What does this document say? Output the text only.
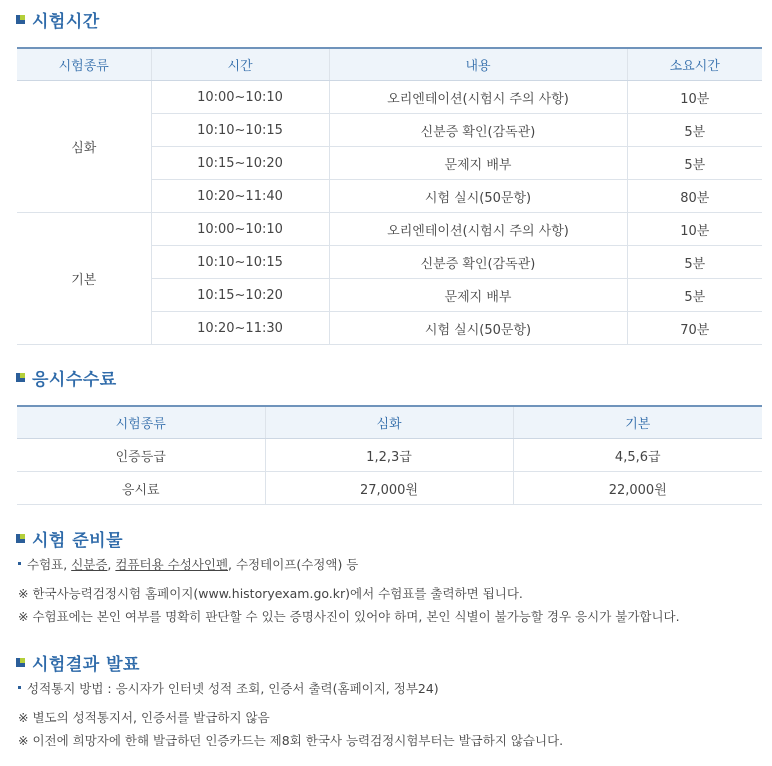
시험시간
시험종류	시간	내용	소요시간
심화	10:00~10:10	오리엔테이션(시험시 주의 사항)	10분
	10:10~10:15	신분증 확인(감독관)	5분
	10:15~10:20	문제지 배부	5분
	10:20~11:40	시험 실시(50문항)	80분
기본	10:00~10:10	오리엔테이션(시험시 주의 사항)	10분
	10:10~10:15	신분증 확인(감독관)	5분
	10:15~10:20	문제지 배부	5분
	10:20~11:30	시험 실시(50문항)	70분
응시수수료
시험종류	심화	기본
인증등급	1,2,3급	4,5,6급
응시료	27,000원	22,000원
시험 준비물
수험표, 신분증, 컴퓨터용 수성사인펜, 수정테이프(수정액) 등
※ 한국사능력검정시험 홈페이지(www.historyexam.go.kr)에서 수험표를 출력하면 됩니다.
※ 수험표에는 본인 여부를 명확히 판단할 수 있는 증명사진이 있어야 하며, 본인 식별이 불가능할 경우 응시가 불가합니다.
시험결과 발표
성적통지 방법 : 응시자가 인터넷 성적 조회, 인증서 출력(홈페이지, 정부24)
※ 별도의 성적통지서, 인증서를 발급하지 않음
※ 이전에 희망자에 한해 발급하던 인증카드는 제8회 한국사 능력검정시험부터는 발급하지 않습니다.
